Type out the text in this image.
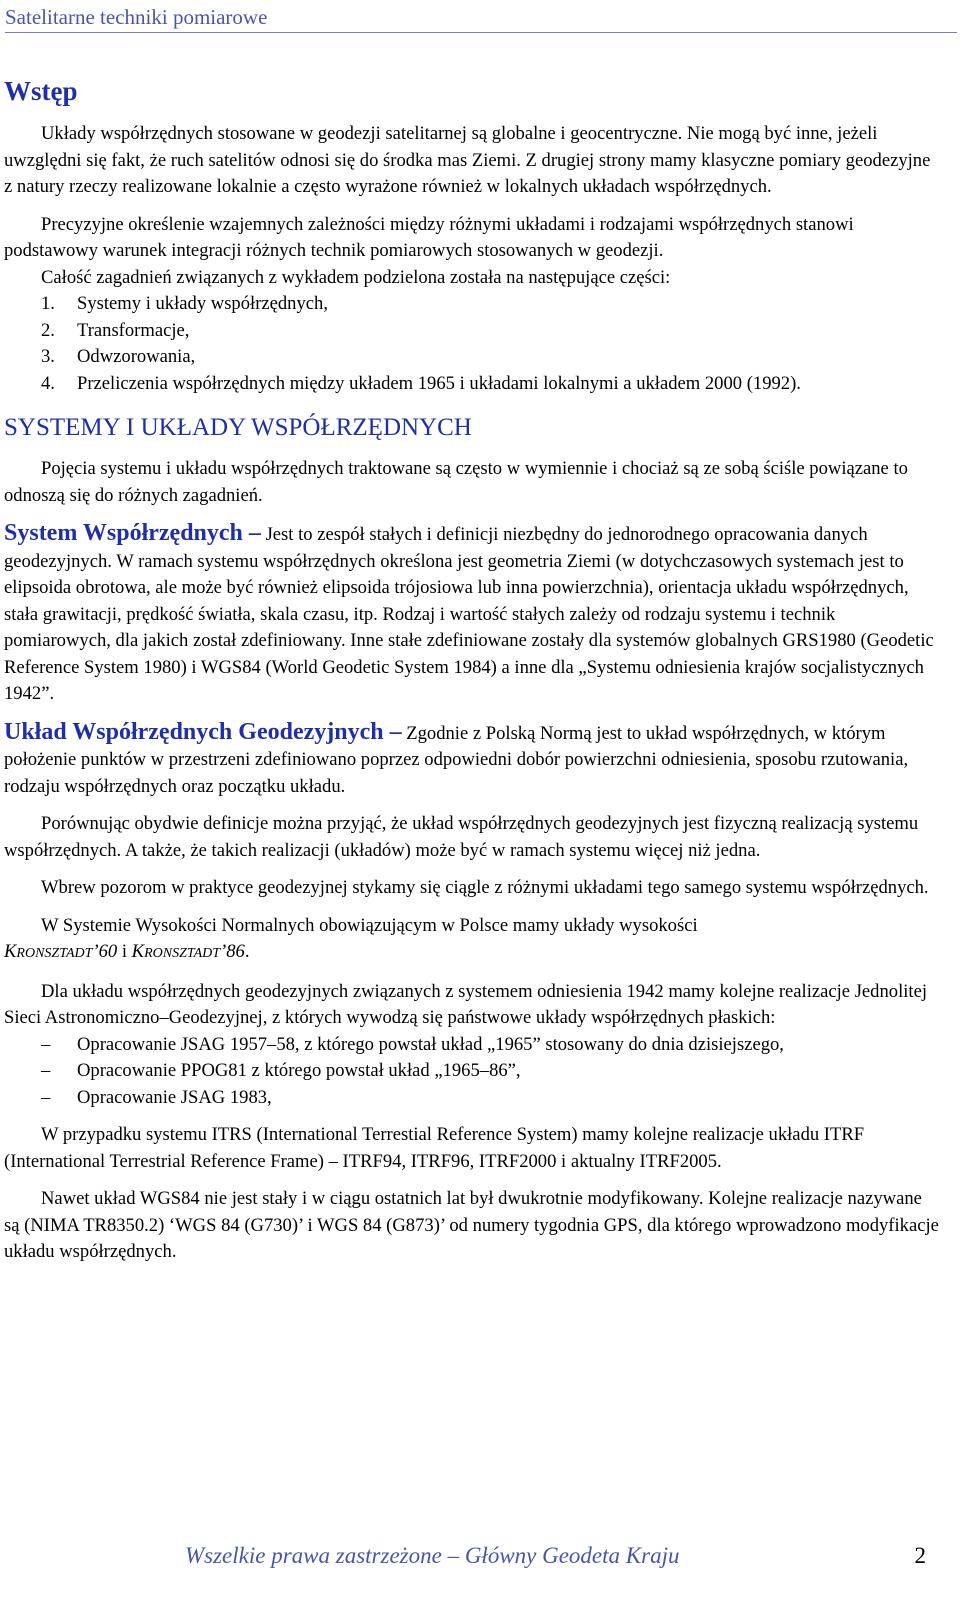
Satelitarne techniki pomiarowe
Wstęp

Układy współrzędnych stosowane w geodezji satelitarnej są globalne i geocentryczne. Nie mogą być inne, jeżeli uwzględni się fakt, że ruch satelitów odnosi się do środka mas Ziemi. Z drugiej strony mamy klasyczne pomiary geodezyjne z natury rzeczy realizowane lokalnie a często wyrażone również w lokalnych układach współrzędnych.

Precyzyjne określenie wzajemnych zależności między różnymi układami i rodzajami współrzędnych stanowi podstawowy warunek integracji różnych technik pomiarowych stosowanych w geodezji.

Całość zagadnień związanych z wykładem podzielona została na następujące części:

1. Systemy i układy współrzędnych,
2. Transformacje,
3. Odwzorowania,
4. Przeliczenia współrzędnych między układem 1965 i układami lokalnymi a układem 2000 (1992).
SYSTEMY I UKŁADY WSPÓŁRZĘDNYCH

Pojęcia systemu i układu współrzędnych traktowane są często w wymiennie i chociaż są ze sobą ściśle powiązane to odnoszą się do różnych zagadnień.

System Współrzędnych – Jest to zespół stałych i definicji niezbędny do jednorodnego opracowania danych geodezyjnych. W ramach systemu współrzędnych określona jest geometria Ziemi (w dotychczasowych systemach jest to elipsoida obrotowa, ale może być również elipsoida trójosiowa lub inna powierzchnia), orientacja układu współrzędnych, stała grawitacji, prędkość światła, skala czasu, itp. Rodzaj i wartość stałych zależy od rodzaju systemu i technik pomiarowych, dla jakich został zdefiniowany. Inne stałe zdefiniowane zostały dla systemów globalnych GRS1980 (Geodetic Reference System 1980) i WGS84 (World Geodetic System 1984) a inne dla „Systemu odniesienia krajów socjalistycznych 1942”.

Układ Współrzędnych Geodezyjnych – Zgodnie z Polską Normą jest to układ współrzędnych, w którym położenie punktów w przestrzeni zdefiniowano poprzez odpowiedni dobór powierzchni odniesienia, sposobu rzutowania, rodzaju współrzędnych oraz początku układu.

Porównując obydwie definicje można przyjąć, że układ współrzędnych geodezyjnych jest fizyczną realizacją systemu współrzędnych. A także, że takich realizacji (układów) może być w ramach systemu więcej niż jedna.

Wbrew pozorom w praktyce geodezyjnej stykamy się ciągle z różnymi układami tego samego systemu współrzędnych.

W Systemie Wysokości Normalnych obowiązującym w Polsce mamy układy wysokości
KRONSZTADT’60 i KRONSZTADT’86.

Dla układu współrzędnych geodezyjnych związanych z systemem odniesienia 1942 mamy kolejne realizacje Jednolitej Sieci Astronomiczno–Geodezyjnej, z których wywodzą się państwowe układy współrzędnych płaskich:

– Opracowanie JSAG 1957–58, z którego powstał układ „1965” stosowany do dnia dzisiejszego,
– Opracowanie PPOG81 z którego powstał układ „1965–86”,
– Opracowanie JSAG 1983,

W przypadku systemu ITRS (International Terrestial Reference System) mamy kolejne realizacje układu ITRF (International Terrestrial Reference Frame) – ITRF94, ITRF96, ITRF2000 i aktualny ITRF2005.

Nawet układ WGS84 nie jest stały i w ciągu ostatnich lat był dwukrotnie modyfikowany. Kolejne realizacje nazywane są (NIMA TR8350.2) ‘WGS 84 (G730)’ i WGS 84 (G873)’ od numery tygodnia GPS, dla którego wprowadzono modyfikacje układu współrzędnych.

Wszelkie prawa zastrzeżone – Główny Geodeta Kraju	2
